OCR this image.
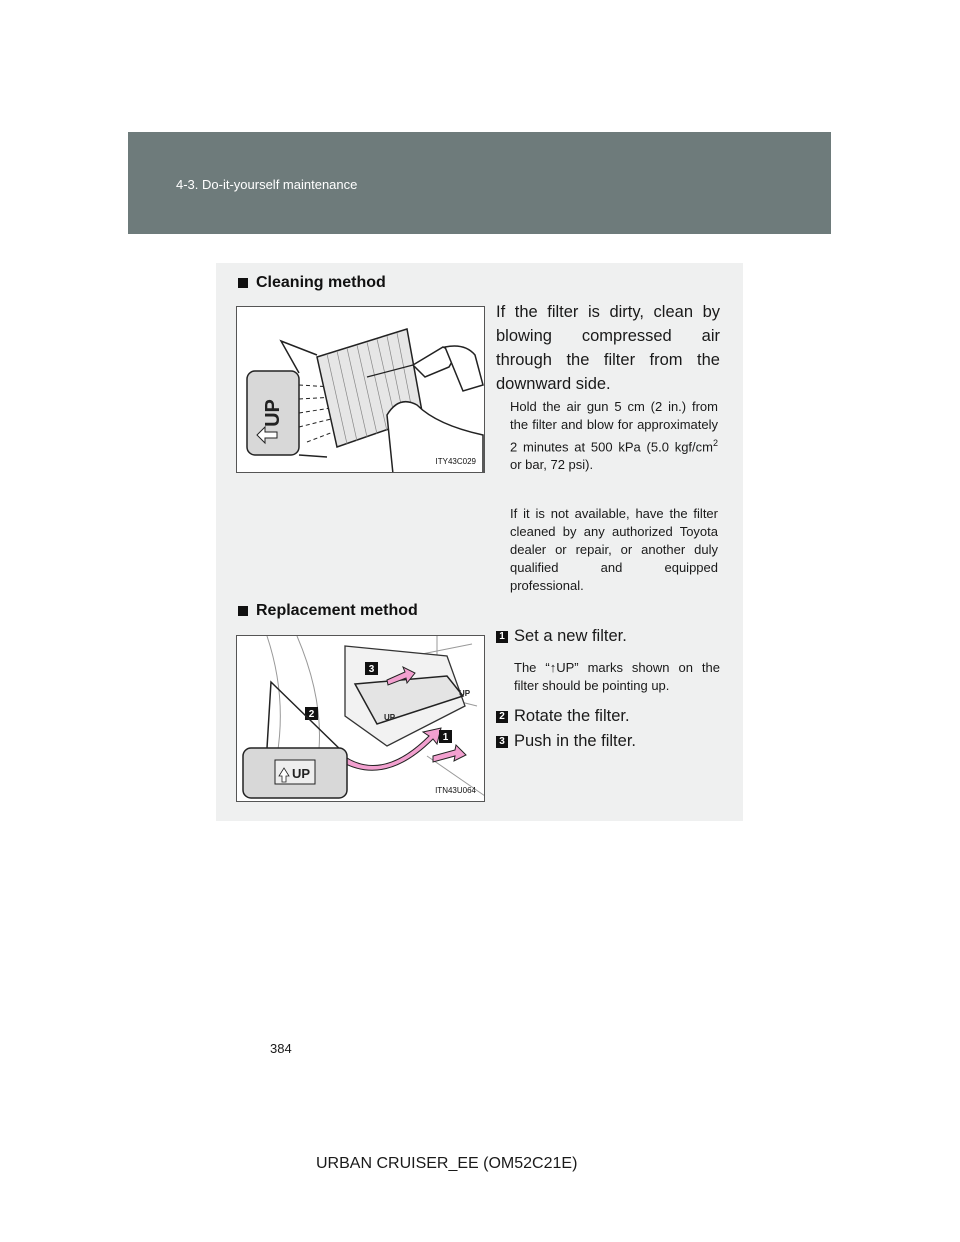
4-3. Do-it-yourself maintenance
Cleaning method
UP
ITY43C029
If the filter is dirty, clean by blowing compressed air through the filter from the downward side.
Hold the air gun 5 cm (2 in.) from the filter and blow for approximately 2 minutes at 500 kPa (5.0 kgf/$cm^2$ or bar, 72 psi).
If it is not available, have the filter cleaned by any authorized Toyota dealer or repair, or another duly qualified and equipped professional.
Replacement method
UP
UP
3
2
1
UP
ITN43U064
1 Set a new filter.
The “↑UP” marks shown on the filter should be pointing up.
2 Rotate the filter.
3 Push in the filter.
384
URBAN CRUISER_EE (OM52C21E)
